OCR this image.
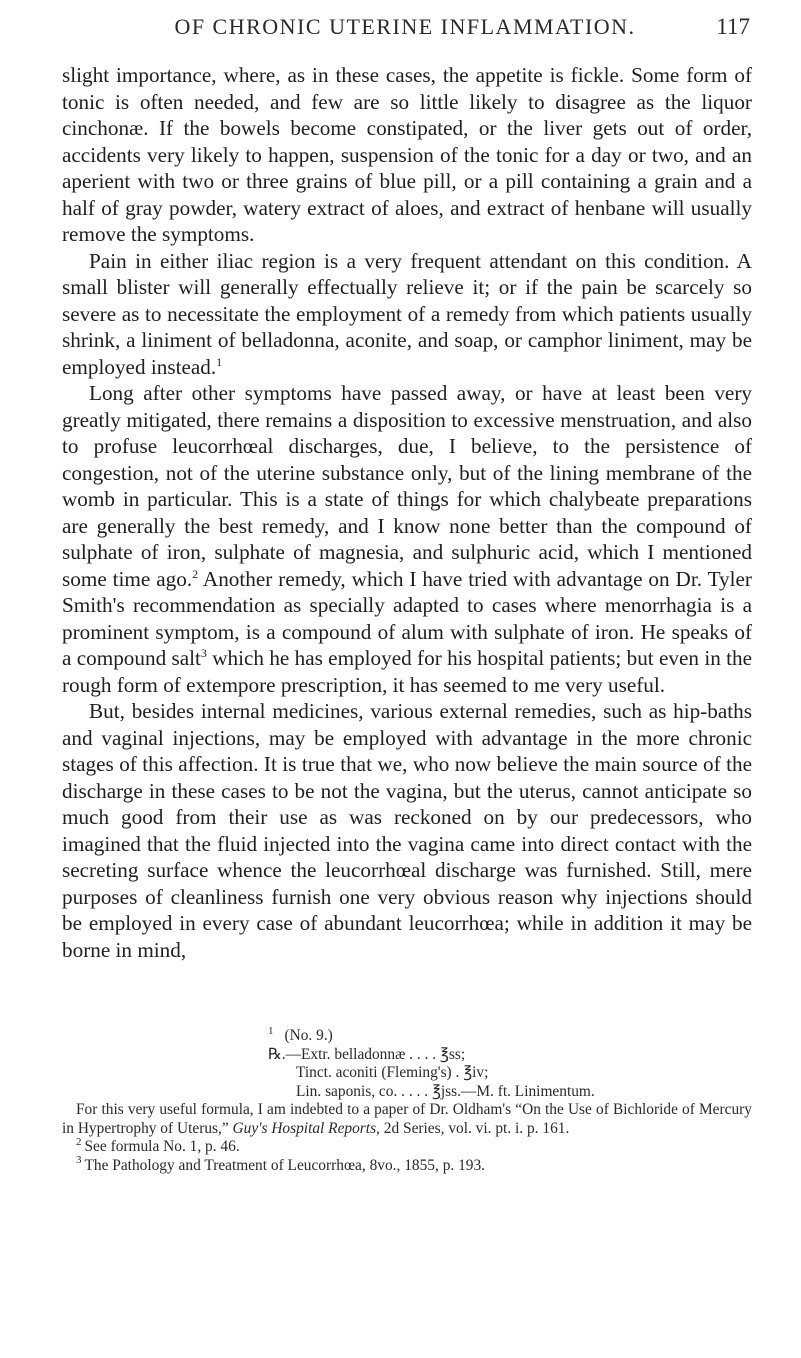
OF CHRONIC UTERINE INFLAMMATION.	117

slight importance, where, as in these cases, the appetite is fickle. Some form of tonic is often needed, and few are so little likely to disagree as the liquor cinchonæ. If the bowels become constipated, or the liver gets out of order, accidents very likely to happen, suspension of the tonic for a day or two, and an aperient with two or three grains of blue pill, or a pill containing a grain and a half of gray powder, watery extract of aloes, and extract of henbane will usually remove the symptoms.

Pain in either iliac region is a very frequent attendant on this condition. A small blister will generally effectually relieve it; or if the pain be scarcely so severe as to necessitate the employment of a remedy from which patients usually shrink, a liniment of belladonna, aconite, and soap, or camphor liniment, may be employed instead.$^1$

Long after other symptoms have passed away, or have at least been very greatly mitigated, there remains a disposition to excessive menstruation, and also to profuse leucorrhœal discharges, due, I believe, to the persistence of congestion, not of the uterine substance only, but of the lining membrane of the womb in particular. This is a state of things for which chalybeate preparations are generally the best remedy, and I know none better than the compound of sulphate of iron, sulphate of magnesia, and sulphuric acid, which I mentioned some time ago.$^2$ Another remedy, which I have tried with advantage on Dr. Tyler Smith's recommendation as specially adapted to cases where menorrhagia is a prominent symptom, is a compound of alum with sulphate of iron. He speaks of a compound salt$^3$ which he has employed for his hospital patients; but even in the rough form of extempore prescription, it has seemed to me very useful.

But, besides internal medicines, various external remedies, such as hip-baths and vaginal injections, may be employed with advantage in the more chronic stages of this affection. It is true that we, who now believe the main source of the discharge in these cases to be not the vagina, but the uterus, cannot anticipate so much good from their use as was reckoned on by our predecessors, who imagined that the fluid injected into the vagina came into direct contact with the secreting surface whence the leucorrhœal discharge was furnished. Still, mere purposes of cleanliness furnish one very obvious reason why injections should be employed in every case of abundant leucorrhœa; while in addition it may be borne in mind,

$^1$ (No. 9.)
℞.—Extr. belladonnæ . . . . ℥ss;
Tinct. aconiti (Fleming's) . ℥iv;
Lin. saponis, co. . . . . ℥jss.—M. ft. Linimentum.

For this very useful formula, I am indebted to a paper of Dr. Oldham's “On the Use of Bichloride of Mercury in Hypertrophy of Uterus,” Guy's Hospital Reports, 2d Series, vol. vi. pt. i. p. 161.

$^2$ See formula No. 1, p. 46.

$^3$ The Pathology and Treatment of Leucorrhœa, 8vo., 1855, p. 193.
